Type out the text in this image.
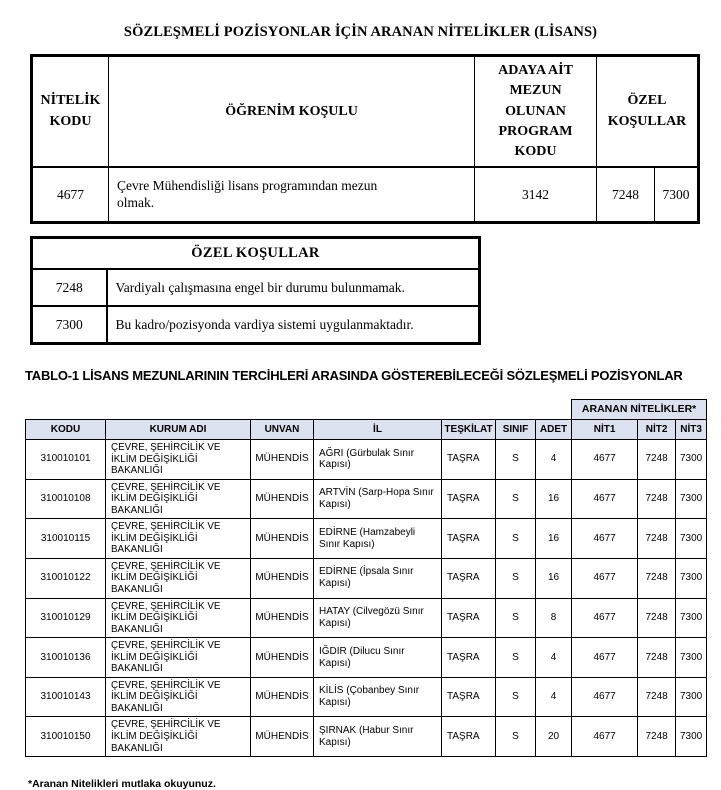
SÖZLEŞMELİ POZİSYONLAR İÇİN ARANAN NİTELİKLER (LİSANS)
NİTELİK KODU	ÖĞRENİM KOŞULU	ADAYA AİT MEZUN OLUNAN PROGRAM KODU	ÖZEL KOŞULLAR	
4677	Çevre Mühendisliği lisans programından mezun olmak.	3142	7248	7300
ÖZEL KOŞULLAR	
7248	Vardiyalı çalışmasına engel bir durumu bulunmamak.
7300	Bu kadro/pozisyonda vardiya sistemi uygulanmaktadır.
TABLO-1 LİSANS MEZUNLARININ TERCİHLERİ ARASINDA GÖSTEREBİLECEĞİ SÖZLEŞMELİ POZİSYONLAR
							ARANAN NİTELİKLER*		
KODU	KURUM ADI	UNVAN	İL	TEŞKİLAT	SINIF	ADET	NİT1	NİT2	NİT3
310010101	ÇEVRE, ŞEHİRCİLİK VE İKLİM DEĞİŞİKLİĞİ BAKANLIĞI	MÜHENDİS	AĞRI (Gürbulak Sınır Kapısı)	TAŞRA	S	4	4677	7248	7300
310010108	ÇEVRE, ŞEHİRCİLİK VE İKLİM DEĞİŞİKLİĞİ BAKANLIĞI	MÜHENDİS	ARTVİN (Sarp-Hopa Sınır Kapısı)	TAŞRA	S	16	4677	7248	7300
310010115	ÇEVRE, ŞEHİRCİLİK VE İKLİM DEĞİŞİKLİĞİ BAKANLIĞI	MÜHENDİS	EDİRNE (Hamzabeyli Sınır Kapısı)	TAŞRA	S	16	4677	7248	7300
310010122	ÇEVRE, ŞEHİRCİLİK VE İKLİM DEĞİŞİKLİĞİ BAKANLIĞI	MÜHENDİS	EDİRNE (İpsala Sınır Kapısı)	TAŞRA	S	16	4677	7248	7300
310010129	ÇEVRE, ŞEHİRCİLİK VE İKLİM DEĞİŞİKLİĞİ BAKANLIĞI	MÜHENDİS	HATAY (Cilvegözü Sınır Kapısı)	TAŞRA	S	8	4677	7248	7300
310010136	ÇEVRE, ŞEHİRCİLİK VE İKLİM DEĞİŞİKLİĞİ BAKANLIĞI	MÜHENDİS	IĞDIR (Dilucu Sınır Kapısı)	TAŞRA	S	4	4677	7248	7300
310010143	ÇEVRE, ŞEHİRCİLİK VE İKLİM DEĞİŞİKLİĞİ BAKANLIĞI	MÜHENDİS	KİLİS (Çobanbey Sınır Kapısı)	TAŞRA	S	4	4677	7248	7300
310010150	ÇEVRE, ŞEHİRCİLİK VE İKLİM DEĞİŞİKLİĞİ BAKANLIĞI	MÜHENDİS	ŞIRNAK (Habur Sınır Kapısı)	TAŞRA	S	20	4677	7248	7300
*Aranan Nitelikleri mutlaka okuyunuz.
